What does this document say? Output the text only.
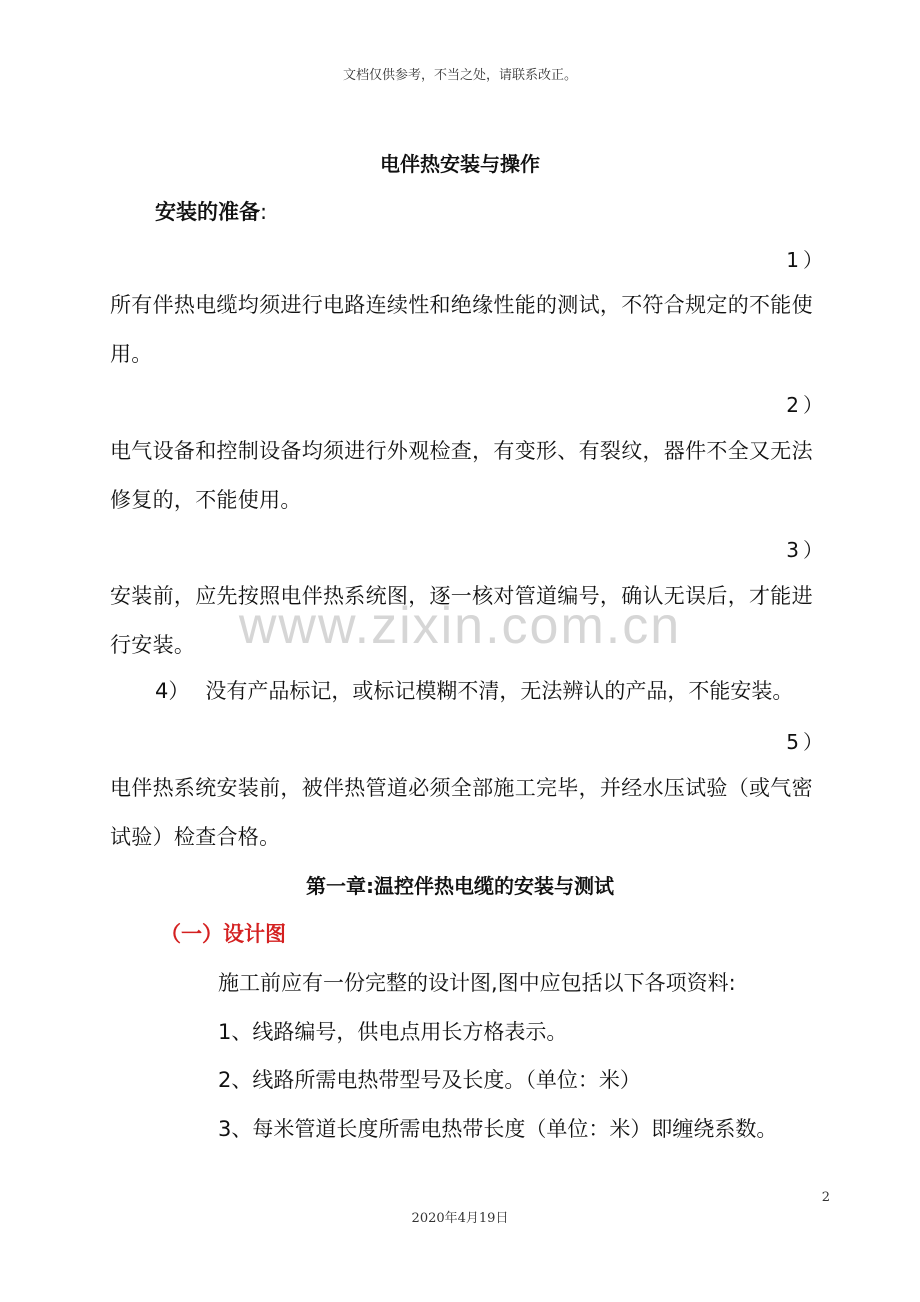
www.zixin.com.cn
文档仅供参考，不当之处，请联系改正。
电伴热安装与操作
安装的准备:
1）
所有伴热电缆均须进行电路连续性和绝缘性能的测试，不符合规定的不能使用。
2）
电气设备和控制设备均须进行外观检查，有变形、有裂纹，器件不全又无法修复的，不能使用。
3）
安装前，应先按照电伴热系统图，逐一核对管道编号，确认无误后，才能进行安装。
4） 没有产品标记，或标记模糊不清，无法辨认的产品，不能安装。
5）
电伴热系统安装前，被伴热管道必须全部施工完毕，并经水压试验（或气密试验）检查合格。
第一章:温控伴热电缆的安装与测试
（一）设计图
施工前应有一份完整的设计图,图中应包括以下各项资料:
1、线路编号，供电点用长方格表示。
2、线路所需电热带型号及长度。（单位：米）
3、每米管道长度所需电热带长度（单位：米）即缠绕系数。
2
2020年4月19日
